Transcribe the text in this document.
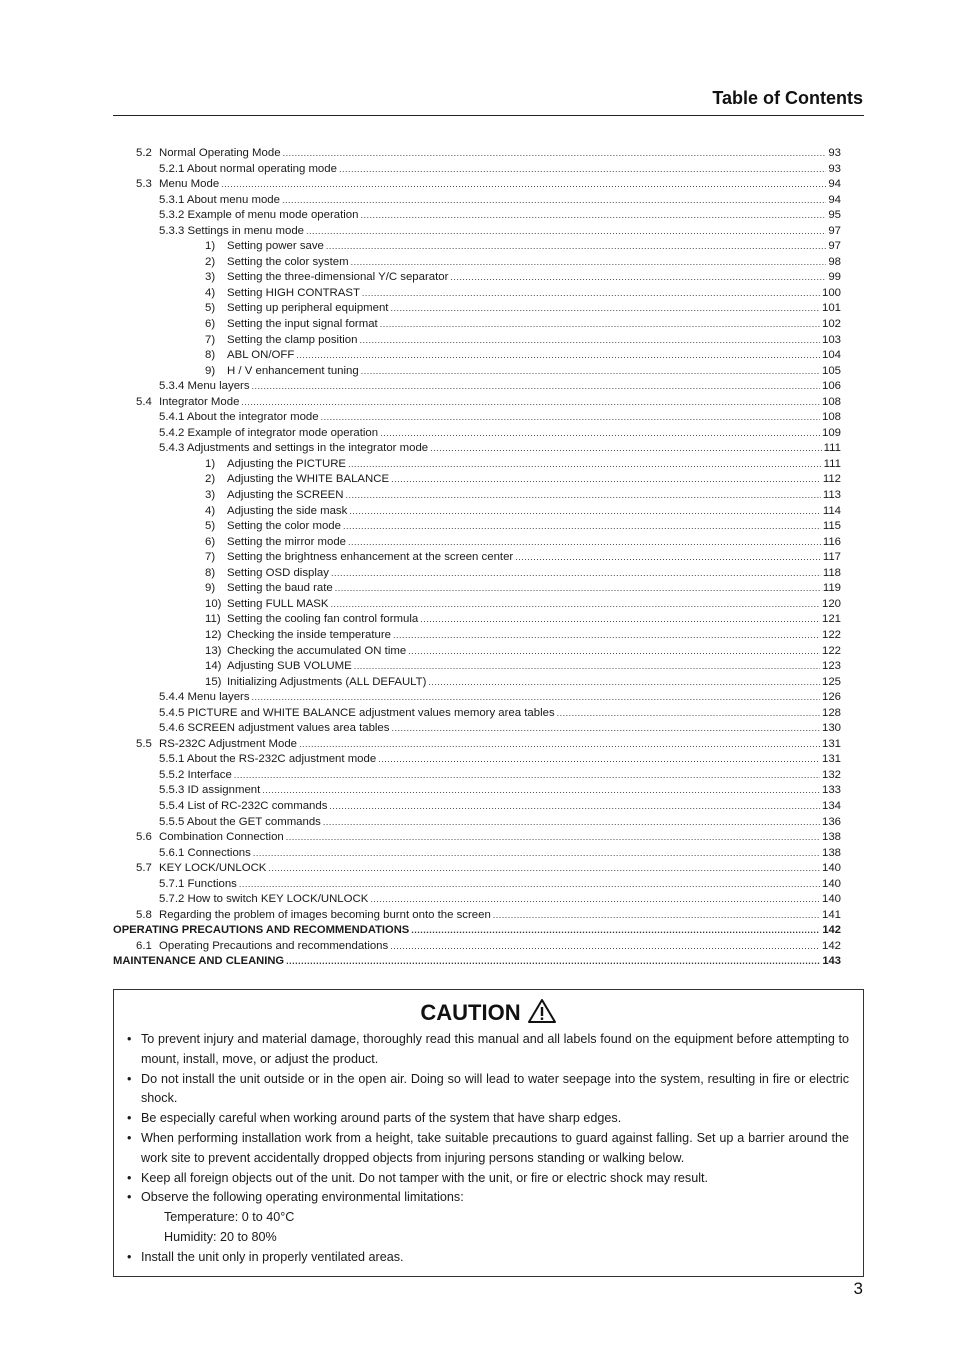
Table of Contents
5.2 Normal Operating Mode .....	93
5.2.1 About normal operating mode .....	93
5.3 Menu Mode .....	94
5.3.1 About menu mode .....	94
5.3.2 Example of menu mode operation .....	95
5.3.3 Settings in menu mode .....	97
1)	Setting power save .....	97
2)	Setting the color system .....	98
3)	Setting the three-dimensional Y/C separator .....	99
4)	Setting HIGH CONTRAST .....	100
5)	Setting up peripheral equipment .....	101
6)	Setting the input signal format .....	102
7)	Setting the clamp position .....	103
8)	ABL ON/OFF .....	104
9)	H / V enhancement tuning .....	105
5.3.4 Menu layers .....	106
5.4 Integrator Mode .....	108
5.4.1 About the integrator mode .....	108
5.4.2 Example of integrator mode operation .....	109
5.4.3 Adjustments and settings in the integrator mode .....	111
1)	Adjusting the PICTURE .....	111
2)	Adjusting the WHITE BALANCE .....	112
3)	Adjusting the SCREEN .....	113
4)	Adjusting the side mask .....	114
5)	Setting the color mode .....	115
6)	Setting the mirror mode .....	116
7)	Setting the brightness enhancement at the screen center .....	117
8)	Setting OSD display .....	118
9)	Setting the baud rate .....	119
10) Setting FULL MASK .....	120
11) Setting the cooling fan control formula .....	121
12) Checking the inside temperature .....	122
13) Checking the accumulated ON time .....	122
14) Adjusting SUB VOLUME .....	123
15) Initializing Adjustments (ALL DEFAULT) .....	125
5.4.4 Menu layers .....	126
5.4.5 PICTURE and WHITE BALANCE adjustment values memory area tables .....	128
5.4.6 SCREEN adjustment values area tables .....	130
5.5 RS-232C Adjustment Mode .....	131
5.5.1 About the RS-232C adjustment mode .....	131
5.5.2 Interface .....	132
5.5.3 ID assignment .....	133
5.5.4 List of RC-232C commands .....	134
5.5.5 About the GET commands .....	136
5.6 Combination Connection .....	138
5.6.1 Connections .....	138
5.7 KEY LOCK/UNLOCK .....	140
5.7.1 Functions .....	140
5.7.2 How to switch KEY LOCK/UNLOCK .....	140
5.8 Regarding the problem of images becoming burnt onto the screen .....	141
OPERATING PRECAUTIONS AND RECOMMENDATIONS .....	142
6.1 Operating Precautions and recommendations .....	142
MAINTENANCE AND CLEANING .....	143
CAUTION
• To prevent injury and material damage, thoroughly read this manual and all labels found on the equipment before attempting to mount, install, move, or adjust the product.
• Do not install the unit outside or in the open air. Doing so will lead to water seepage into the system, resulting in fire or electric shock.
• Be especially careful when working around parts of the system that have sharp edges.
• When performing installation work from a height, take suitable precautions to guard against falling. Set up a barrier around the work site to prevent accidentally dropped objects from injuring persons standing or walking below.
• Keep all foreign objects out of the unit. Do not tamper with the unit, or fire or electric shock may result.
• Observe the following operating environmental limitations:
Temperature: 0 to 40°C
Humidity: 20 to 80%
• Install the unit only in properly ventilated areas.
3
